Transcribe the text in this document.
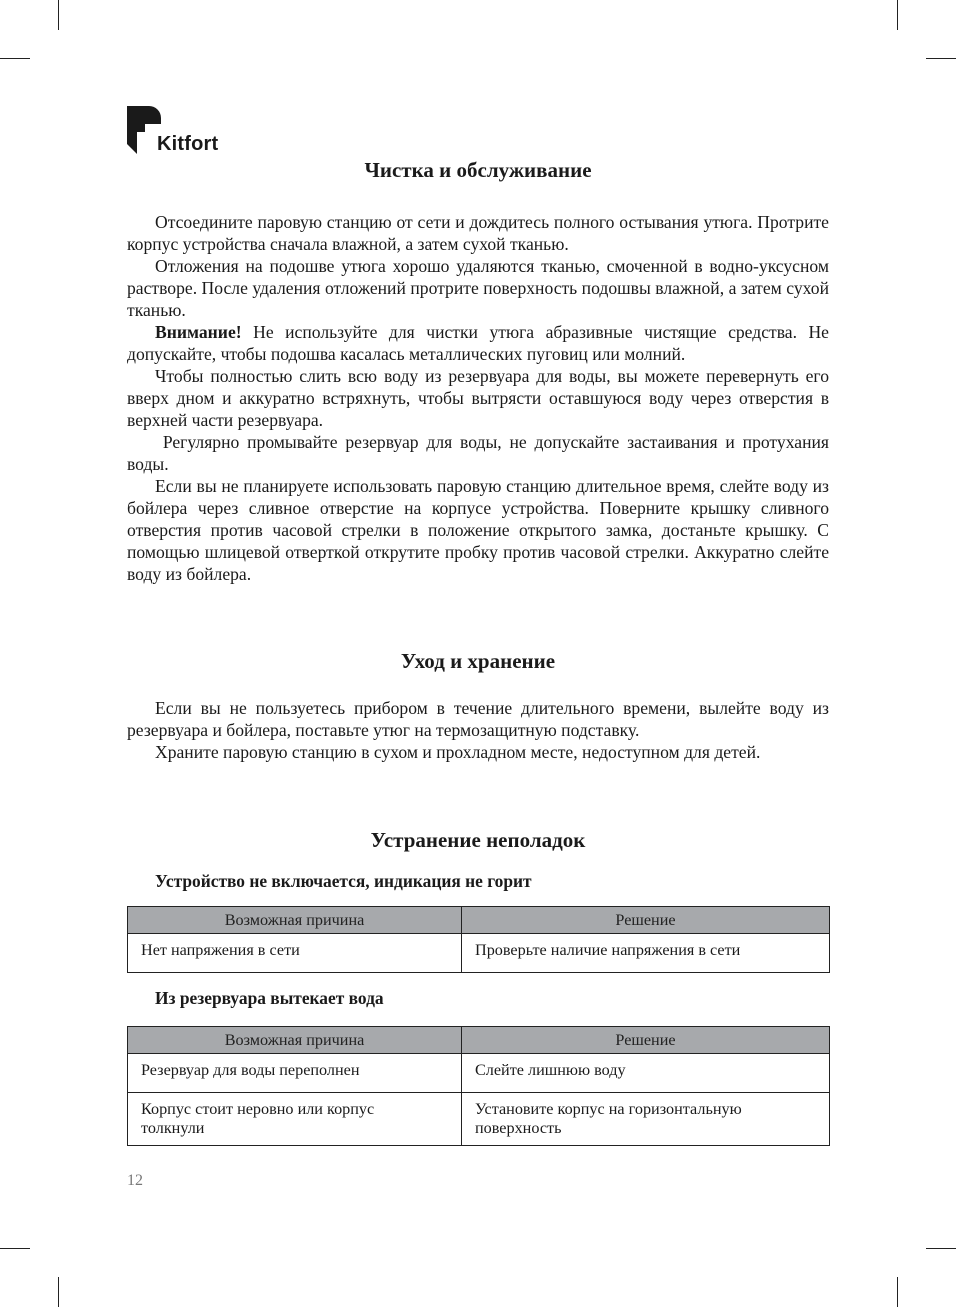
Kitfort
Чистка и обслуживание

Отсоедините паровую станцию от сети и дождитесь полного остывания утюга. Протрите корпус устройства сначала влажной, а затем сухой тканью.

Отложения на подошве утюга хорошо удаляются тканью, смоченной в водно-уксусном растворе. После удаления отложений протрите поверхность подошвы влажной, а затем сухой тканью.

Внимание! Не используйте для чистки утюга абразивные чистящие средства. Не допускайте, чтобы подошва касалась металлических пуговиц или молний.

Чтобы полностью слить всю воду из резервуара для воды, вы можете перевернуть его вверх дном и аккуратно встряхнуть, чтобы вытрясти оставшуюся воду через отверстия в верхней части резервуара.

Регулярно промывайте резервуар для воды, не допускайте застаивания и протухания воды.

Если вы не планируете использовать паровую станцию длительное время, слейте воду из бойлера через сливное отверстие на корпусе устройства. Поверните крышку сливного отверстия против часовой стрелки в положение открытого замка, достаньте крышку. С помощью шлицевой отверткой открутите пробку против часовой стрелки. Аккуратно слейте воду из бойлера.

Уход и хранение

Если вы не пользуетесь прибором в течение длительного времени, вылейте воду из резервуара и бойлера, поставьте утюг на термозащитную подставку.

Храните паровую станцию в сухом и прохладном месте, недоступном для детей.

Устранение неполадок
Устройство не включается, индикация не горит
Возможная причина	Решение
Нет напряжения в сети	Проверьте наличие напряжения в сети
Из резервуара вытекает вода
Возможная причина	Решение
Резервуар для воды переполнен	Слейте лишнюю воду
Корпус стоит неровно или корпус толкнули	Установите корпус на горизонтальную поверхность
12
